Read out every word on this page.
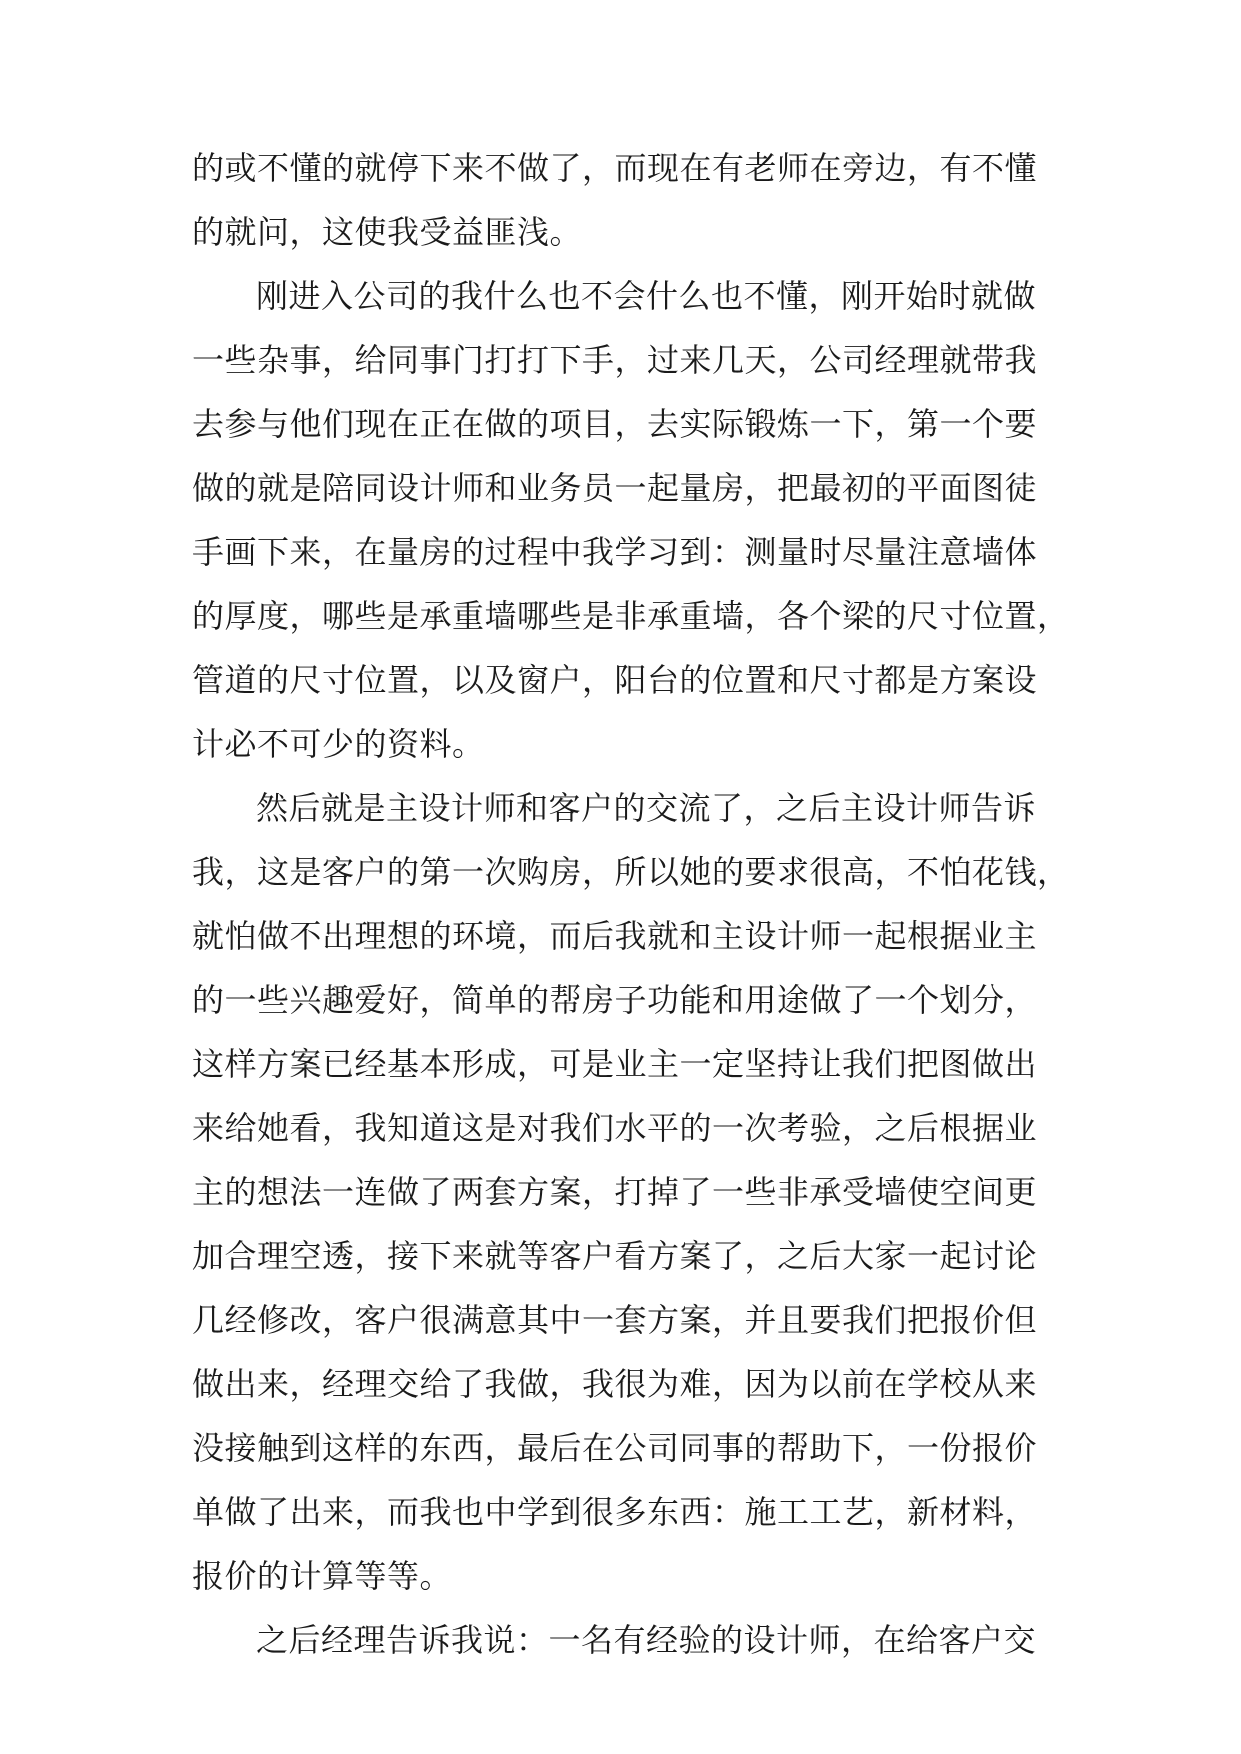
的或不懂的就停下来不做了，而现在有老师在旁边，有不懂
的就问，这使我受益匪浅。
刚进入公司的我什么也不会什么也不懂，刚开始时就做
一些杂事，给同事门打打下手，过来几天，公司经理就带我
去参与他们现在正在做的项目，去实际锻炼一下，第一个要
做的就是陪同设计师和业务员一起量房，把最初的平面图徒
手画下来，在量房的过程中我学习到：测量时尽量注意墙体
的厚度，哪些是承重墙哪些是非承重墙，各个梁的尺寸位置，
管道的尺寸位置，以及窗户，阳台的位置和尺寸都是方案设
计必不可少的资料。
然后就是主设计师和客户的交流了，之后主设计师告诉
我，这是客户的第一次购房，所以她的要求很高，不怕花钱，
就怕做不出理想的环境，而后我就和主设计师一起根据业主
的一些兴趣爱好，简单的帮房子功能和用途做了一个划分，
这样方案已经基本形成，可是业主一定坚持让我们把图做出
来给她看，我知道这是对我们水平的一次考验，之后根据业
主的想法一连做了两套方案，打掉了一些非承受墙使空间更
加合理空透，接下来就等客户看方案了，之后大家一起讨论
几经修改，客户很满意其中一套方案，并且要我们把报价但
做出来，经理交给了我做，我很为难，因为以前在学校从来
没接触到这样的东西，最后在公司同事的帮助下，一份报价
单做了出来，而我也中学到很多东西：施工工艺，新材料，
报价的计算等等。
之后经理告诉我说：一名有经验的设计师，在给客户交
